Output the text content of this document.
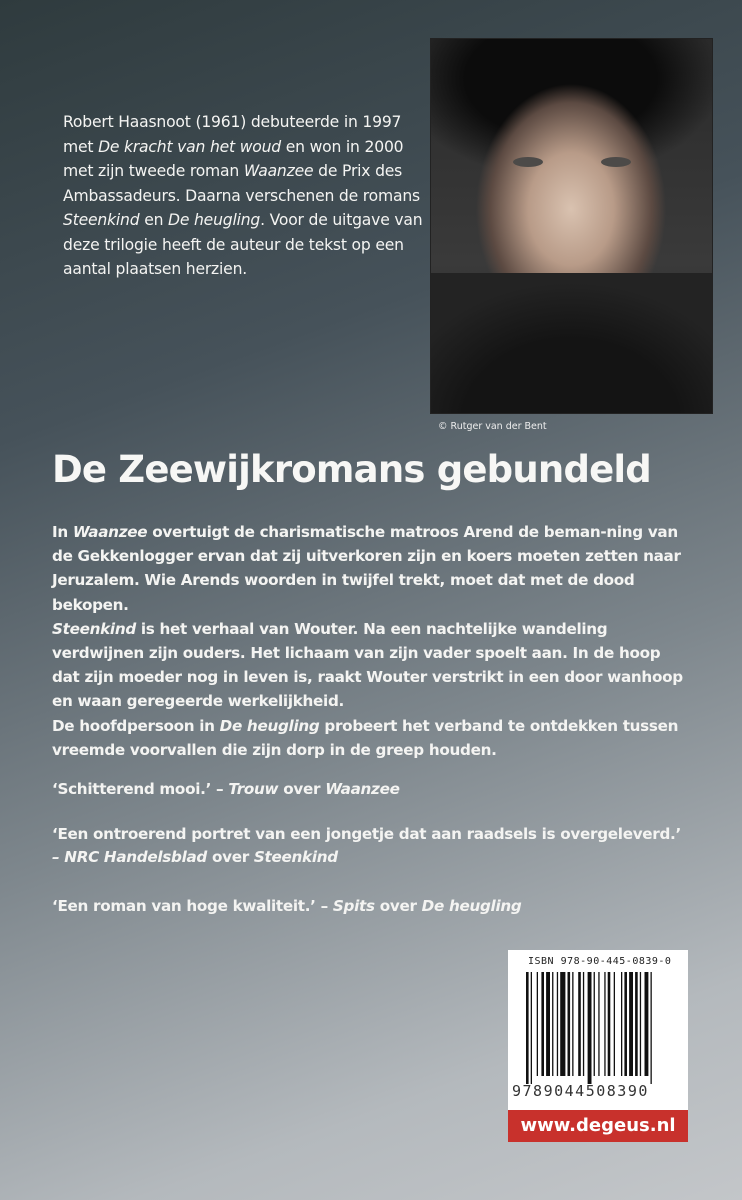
Robert Haasnoot (1961) debuteerde in 1997 met De kracht van het woud en won in 2000 met zijn tweede roman Waanzee de Prix des Ambassadeurs. Daarna verschenen de romans Steenkind en De heugling. Voor de uitgave van deze trilogie heeft de auteur de tekst op een aantal plaatsen herzien.
© Rutger van der Bent
De Zeewijkromans gebundeld

In Waanzee overtuigt de charismatische matroos Arend de beman-ning van de Gekkenlogger ervan dat zij uitverkoren zijn en koers moeten zetten naar Jeruzalem. Wie Arends woorden in twijfel trekt, moet dat met de dood bekopen.

Steenkind is het verhaal van Wouter. Na een nachtelijke wandeling verdwijnen zijn ouders. Het lichaam van zijn vader spoelt aan. In de hoop dat zijn moeder nog in leven is, raakt Wouter verstrikt in een door wanhoop en waan geregeerde werkelijkheid.

De hoofdpersoon in De heugling probeert het verband te ontdekken tussen vreemde voorvallen die zijn dorp in de greep houden.

‘Schitterend mooi.’ – Trouw over Waanzee
‘Een ontroerend portret van een jongetje dat aan raadsels is overgeleverd.’
– NRC Handelsblad over Steenkind
‘Een roman van hoge kwaliteit.’ – Spits over De heugling
ISBN 978-90-445-0839-0
9789044508390
www.degeus.nl
